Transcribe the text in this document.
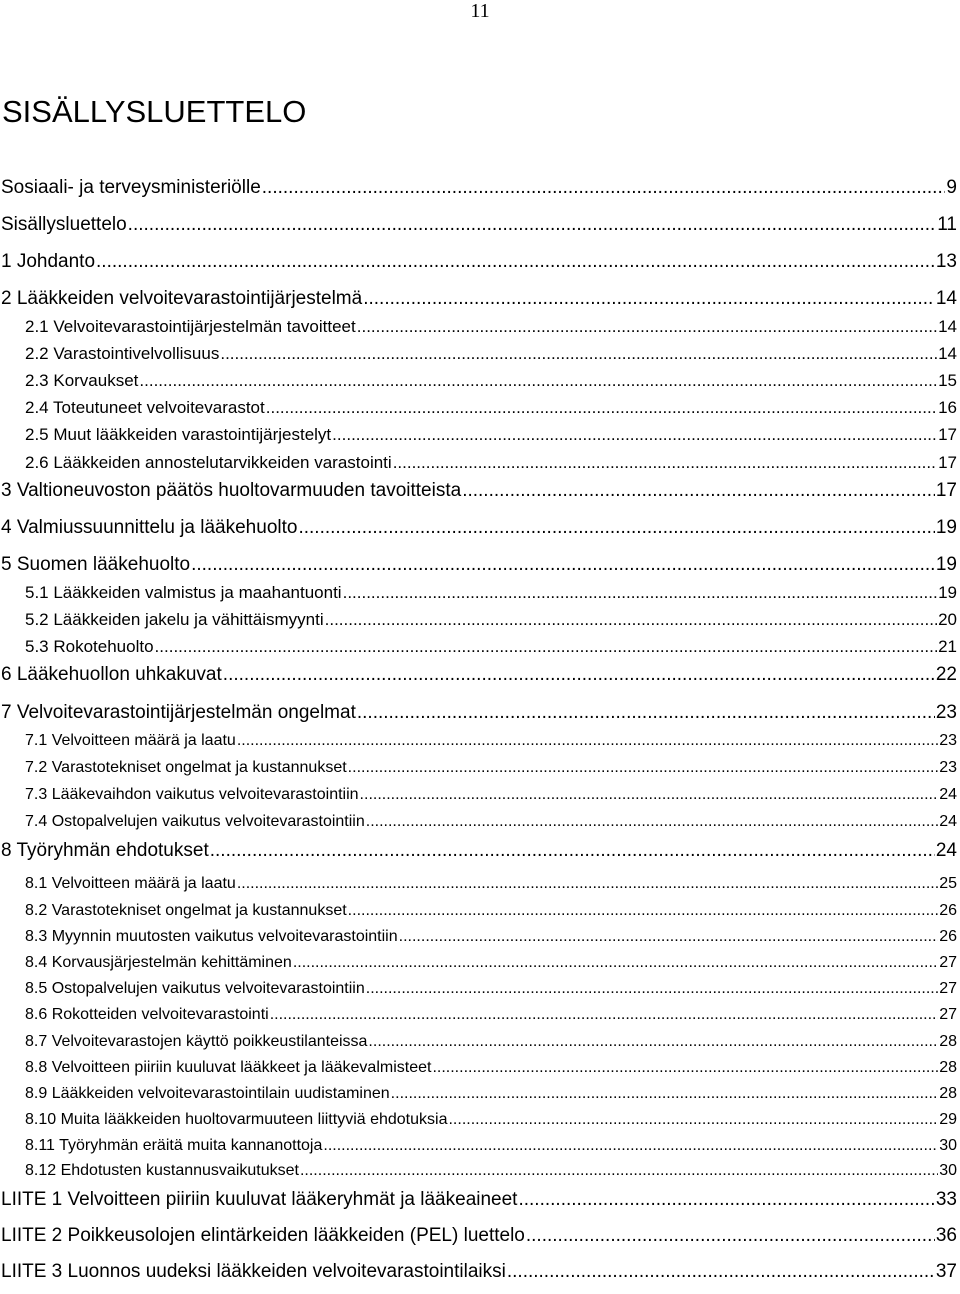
11
SISÄLLYSLUETTELO
Sosiaali- ja terveysministeriölle .....	9
Sisällysluettelo .....	11
1 Johdanto .....	13
2 Lääkkeiden velvoitevarastointijärjestelmä .....	14
2.1 Velvoitevarastointijärjestelmän tavoitteet .....	14
2.2 Varastointivelvollisuus .....	14
2.3 Korvaukset .....	15
2.4 Toteutuneet velvoitevarastot .....	16
2.5 Muut lääkkeiden varastointijärjestelyt .....	17
2.6 Lääkkeiden annostelutarvikkeiden varastointi .....	17
3 Valtioneuvoston päätös huoltovarmuuden tavoitteista .....	17
4 Valmiussuunnittelu ja lääkehuolto .....	19
5 Suomen lääkehuolto .....	19
5.1 Lääkkeiden valmistus ja maahantuonti .....	19
5.2 Lääkkeiden jakelu ja vähittäismyynti .....	20
5.3 Rokotehuolto .....	21
6 Lääkehuollon uhkakuvat .....	22
7 Velvoitevarastointijärjestelmän ongelmat .....	23
7.1 Velvoitteen määrä ja laatu .....	23
7.2 Varastotekniset ongelmat ja kustannukset .....	23
7.3 Lääkevaihdon vaikutus velvoitevarastointiin .....	24
7.4 Ostopalvelujen vaikutus velvoitevarastointiin .....	24
8 Työryhmän ehdotukset .....	24
8.1 Velvoitteen määrä ja laatu .....	25
8.2 Varastotekniset ongelmat ja kustannukset .....	26
8.3 Myynnin muutosten vaikutus velvoitevarastointiin .....	26
8.4 Korvausjärjestelmän kehittäminen .....	27
8.5 Ostopalvelujen vaikutus velvoitevarastointiin .....	27
8.6 Rokotteiden velvoitevarastointi .....	27
8.7 Velvoitevarastojen käyttö poikkeustilanteissa .....	28
8.8 Velvoitteen piiriin kuuluvat lääkkeet ja lääkevalmisteet .....	28
8.9 Lääkkeiden velvoitevarastointilain uudistaminen .....	28
8.10 Muita lääkkeiden huoltovarmuuteen liittyviä ehdotuksia .....	29
8.11 Työryhmän eräitä muita kannanottoja .....	30
8.12 Ehdotusten kustannusvaikutukset .....	30
LIITE 1 Velvoitteen piiriin kuuluvat lääkeryhmät ja lääkeaineet .....	33
LIITE 2 Poikkeusolojen elintärkeiden lääkkeiden (PEL) luettelo .....	36
LIITE 3 Luonnos uudeksi lääkkeiden velvoitevarastointilaiksi .....	37
